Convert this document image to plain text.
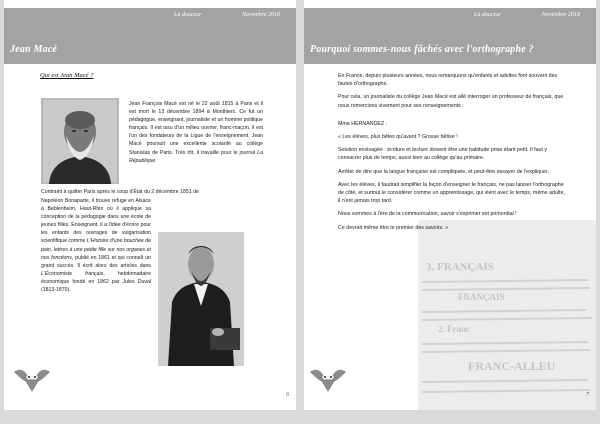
La douceur	Novembre 2018
Jean Macé
Qui est Jean Macé ?

Jean François Macé est né le 22 août 1815 à Paris et il est mort le 13 décembre 1894 à Monthiers. Ce fut un pédagogue, enseignant, journaliste et un homme politique français. Il est issu d'un milieu ouvrier, franc-maçon, il est l'un des fondateurs de la Ligue de l'enseignement. Jean Macé poursuit une excellente scolarité au collège Stanislas de Paris. Très tôt, il travaille pour le journal La République

Contraint à quitter Paris après le coup d'État du 2 décembre 1851 de

Napoléon Bonaparte, il trouve refuge en Alsace à Beblenheim, Haut-Rhin où il applique sa conception de la pédagogie dans une école de jeunes filles. Enseignant, il a l'idée d'écrire pour les enfants des ouvrages de vulgarisation scientifique comme L'Histoire d'une bouchée de pain, lettres à une petite fille sur nos organes et nos fonctions, publié en 1861 et qui connaît un grand succès. Il écrit alors des articles dans L'Économiste français, hebdomadaire économique fondé en 1862 par Jules Duval (1813-1870).

6
La douceur	Novembre 2018
Pourquoi sommes-nous fâchés avec l'orthographe ?
3. FRANÇAIS
FRANÇAIS
2. Franc
FRANC-ALLEU

En France, depuis plusieurs années, nous remarquons qu'enfants et adultes font souvent des fautes d'orthographe.

Pour cela, un journaliste du collège Jean Macé est allé interroger un professeur de français, que nous remercions vivement pour ses renseignements :

Mme HERNANDEZ :

« Les élèves, plus bêtes qu'avant ? Grosse bêtise !

Solution envisagée : écriture et lecture doivent être une habitude prise étant petit. Il faut y consacrer plus de temps, aussi bien au collège qu'au primaire.

Arrêter de dire que la langue française est compliquée, et peut-être essayer de l'expliquer.

Avec les élèves, il faudrait simplifier la façon d'enseigner le français, ne pas laisser l'orthographe de côté, et surtout le considérer comme un apprentissage, qui vient avec le temps, même adulte, il n'est jamais trop tard.

Nous sommes à l'ère de la communication, savoir s'exprimer est primordial !

Ce devrait même être le premier des savoirs. »

7
